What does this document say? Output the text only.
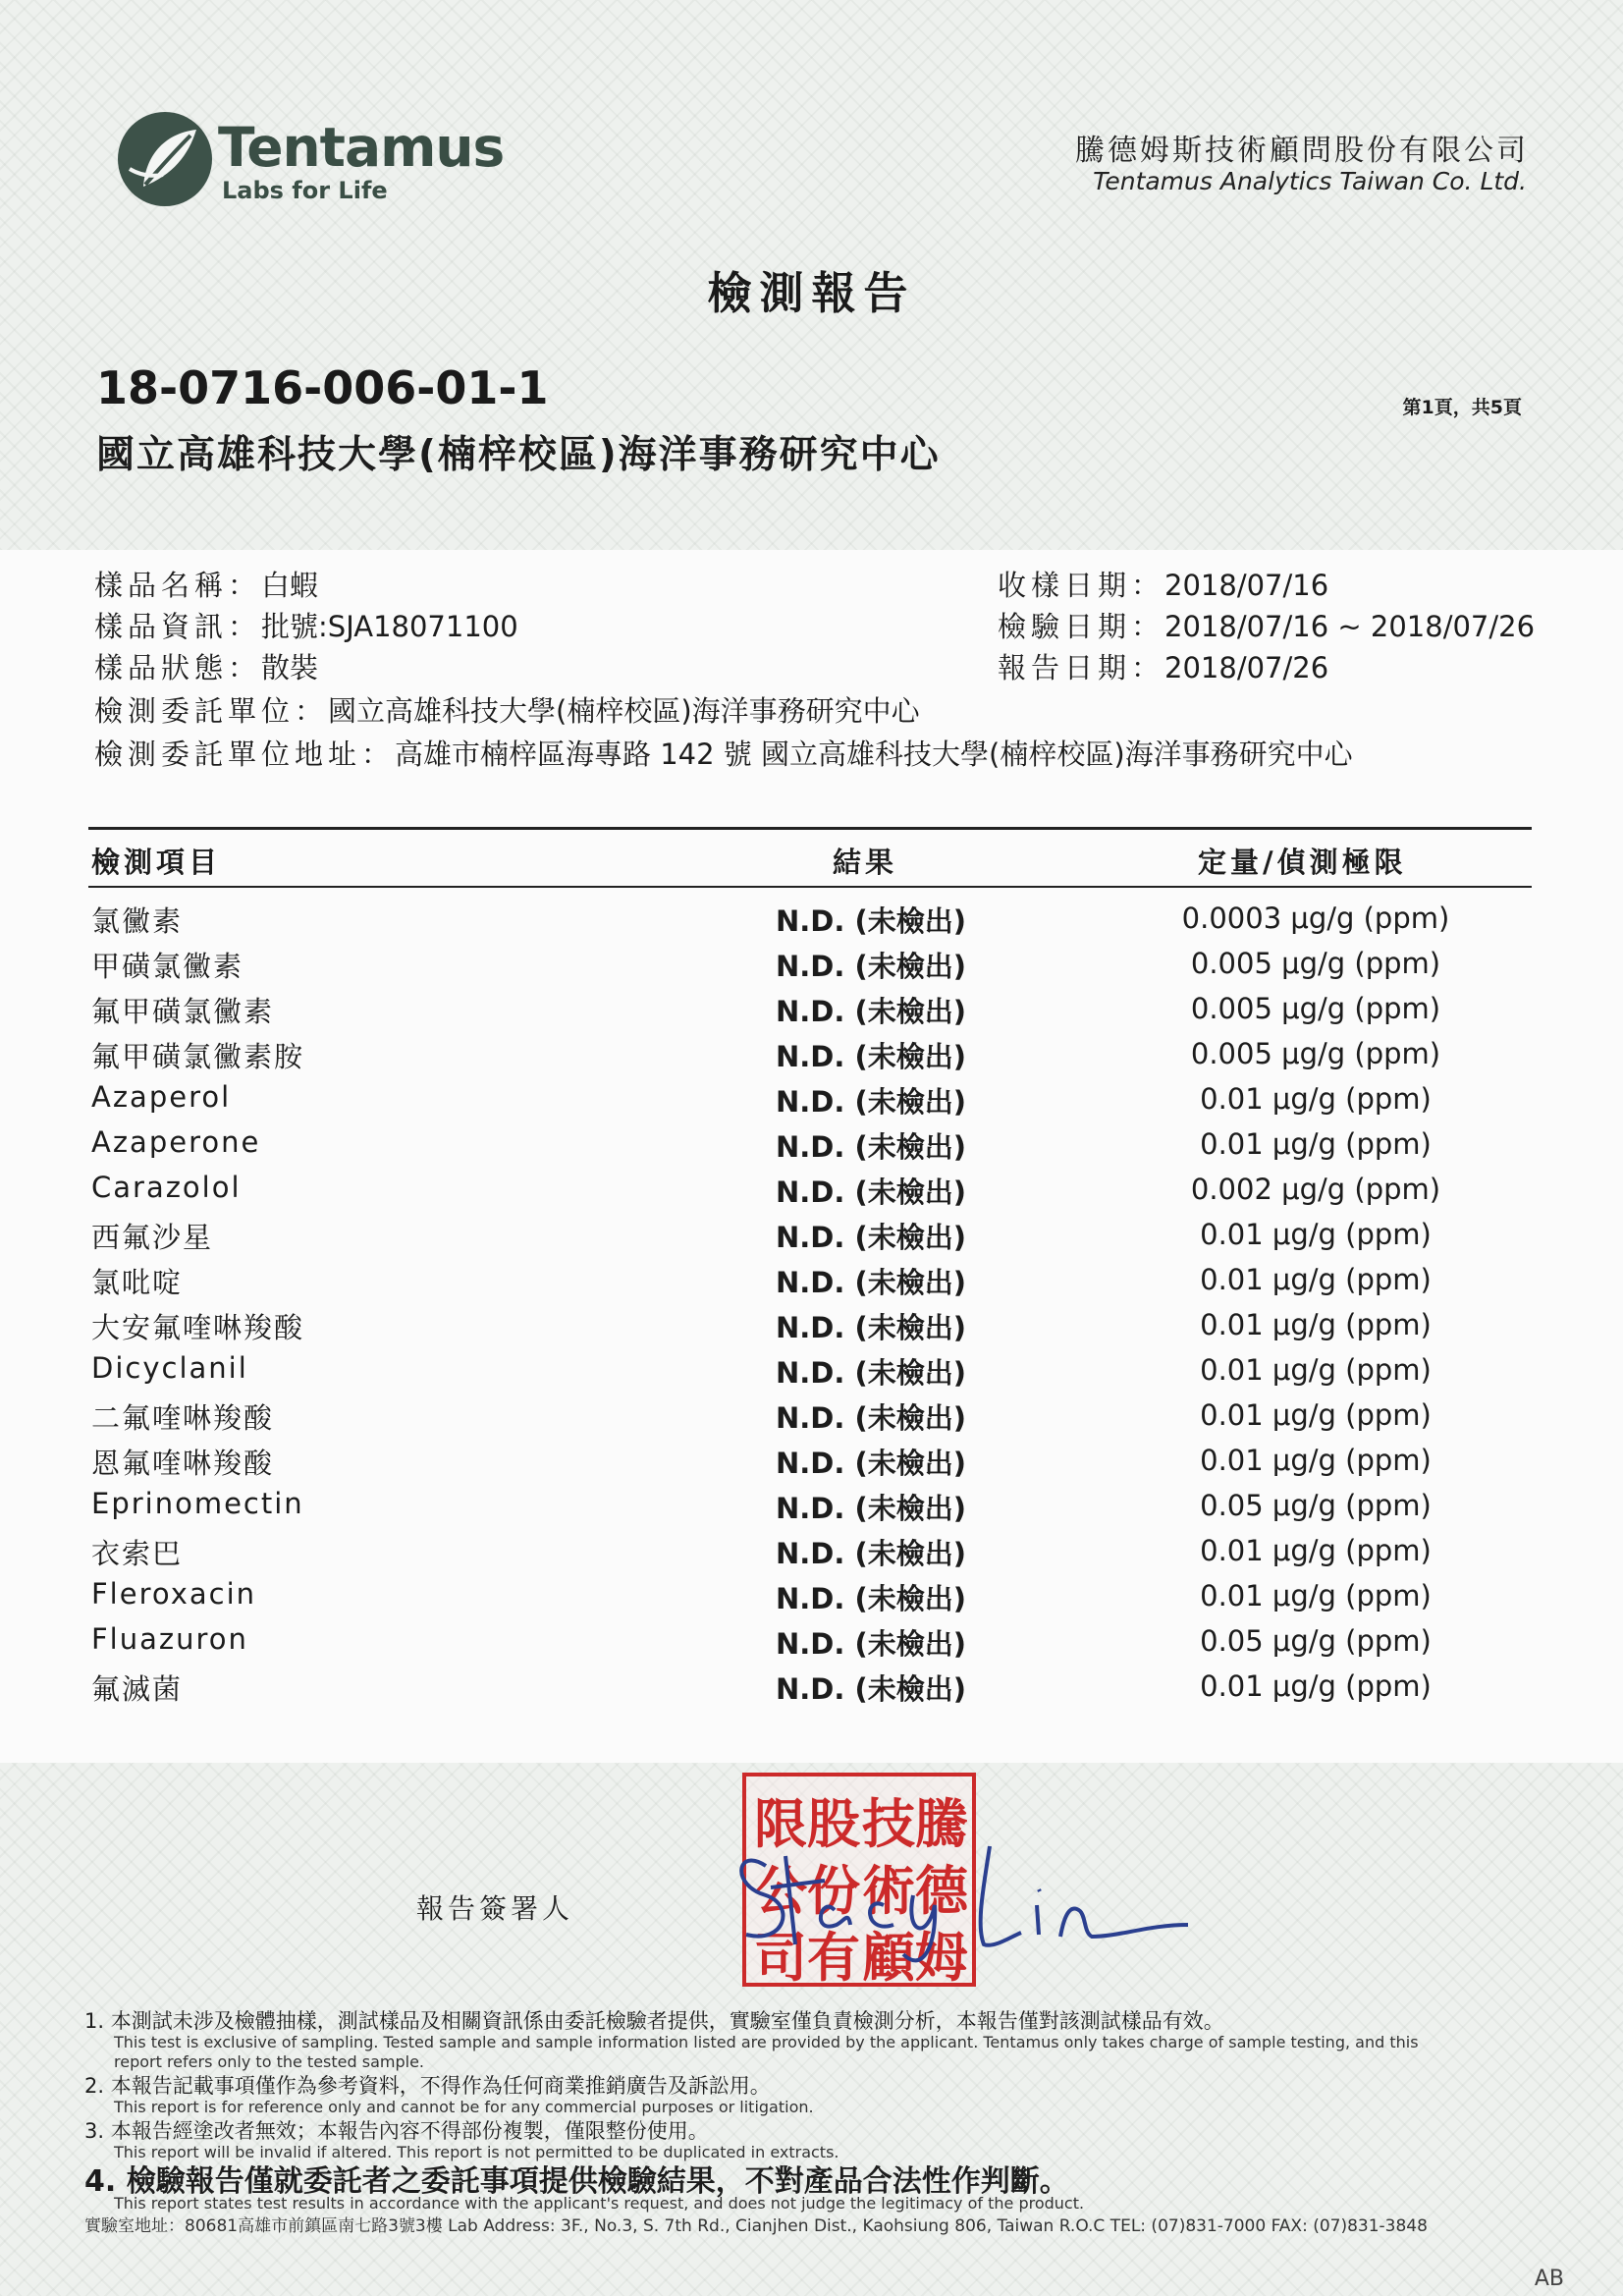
Tentamus
Labs for Life
騰德姆斯技術顧問股份有限公司
Tentamus Analytics Taiwan Co. Ltd.
檢測報告
18-0716-006-01-1	第1頁，共5頁
國立高雄科技大學(楠梓校區)海洋事務研究中心
樣品名稱：白蝦
樣品資訊：批號:SJA18071100
樣品狀態：散裝
檢測委託單位：國立高雄科技大學(楠梓校區)海洋事務研究中心
檢測委託單位地址：高雄市楠梓區海專路 142 號 國立高雄科技大學(楠梓校區)海洋事務研究中心
收樣日期：2018/07/16
檢驗日期：2018/07/16 ~ 2018/07/26
報告日期：2018/07/26
檢測項目	結果	定量/偵測極限
氯黴素	N.D. (未檢出)	0.0003 μg/g (ppm)
甲磺氯黴素	N.D. (未檢出)	0.005 μg/g (ppm)
氟甲磺氯黴素	N.D. (未檢出)	0.005 μg/g (ppm)
氟甲磺氯黴素胺	N.D. (未檢出)	0.005 μg/g (ppm)
Azaperol	N.D. (未檢出)	0.01 μg/g (ppm)
Azaperone	N.D. (未檢出)	0.01 μg/g (ppm)
Carazolol	N.D. (未檢出)	0.002 μg/g (ppm)
西氟沙星	N.D. (未檢出)	0.01 μg/g (ppm)
氯吡啶	N.D. (未檢出)	0.01 μg/g (ppm)
大安氟喹啉羧酸	N.D. (未檢出)	0.01 μg/g (ppm)
Dicyclanil	N.D. (未檢出)	0.01 μg/g (ppm)
二氟喹啉羧酸	N.D. (未檢出)	0.01 μg/g (ppm)
恩氟喹啉羧酸	N.D. (未檢出)	0.01 μg/g (ppm)
Eprinomectin	N.D. (未檢出)	0.05 μg/g (ppm)
衣索巴	N.D. (未檢出)	0.01 μg/g (ppm)
Fleroxacin	N.D. (未檢出)	0.01 μg/g (ppm)
Fluazuron	N.D. (未檢出)	0.05 μg/g (ppm)
氟滅菌	N.D. (未檢出)	0.01 μg/g (ppm)
報告簽署人
限 股 技 騰
公 份 術 德
司 有 顧 姆
1. 本測試未涉及檢體抽樣，測試樣品及相關資訊係由委託檢驗者提供，實驗室僅負責檢測分析，本報告僅對該測試樣品有效。
This test is exclusive of sampling. Tested sample and sample information listed are provided by the applicant. Tentamus only takes charge of sample testing, and this
report refers only to the tested sample.
2. 本報告記載事項僅作為參考資料，不得作為任何商業推銷廣告及訴訟用。
This report is for reference only and cannot be for any commercial purposes or litigation.
3. 本報告經塗改者無效；本報告內容不得部份複製，僅限整份使用。
This report will be invalid if altered. This report is not permitted to be duplicated in extracts.
4. 檢驗報告僅就委託者之委託事項提供檢驗結果，不對產品合法性作判斷。
This report states test results in accordance with the applicant's request, and does not judge the legitimacy of the product.
實驗室地址：80681高雄市前鎮區南七路3號3樓 Lab Address: 3F., No.3, S. 7th Rd., Cianjhen Dist., Kaohsiung 806, Taiwan R.O.C TEL: (07)831-7000 FAX: (07)831-3848
AB
